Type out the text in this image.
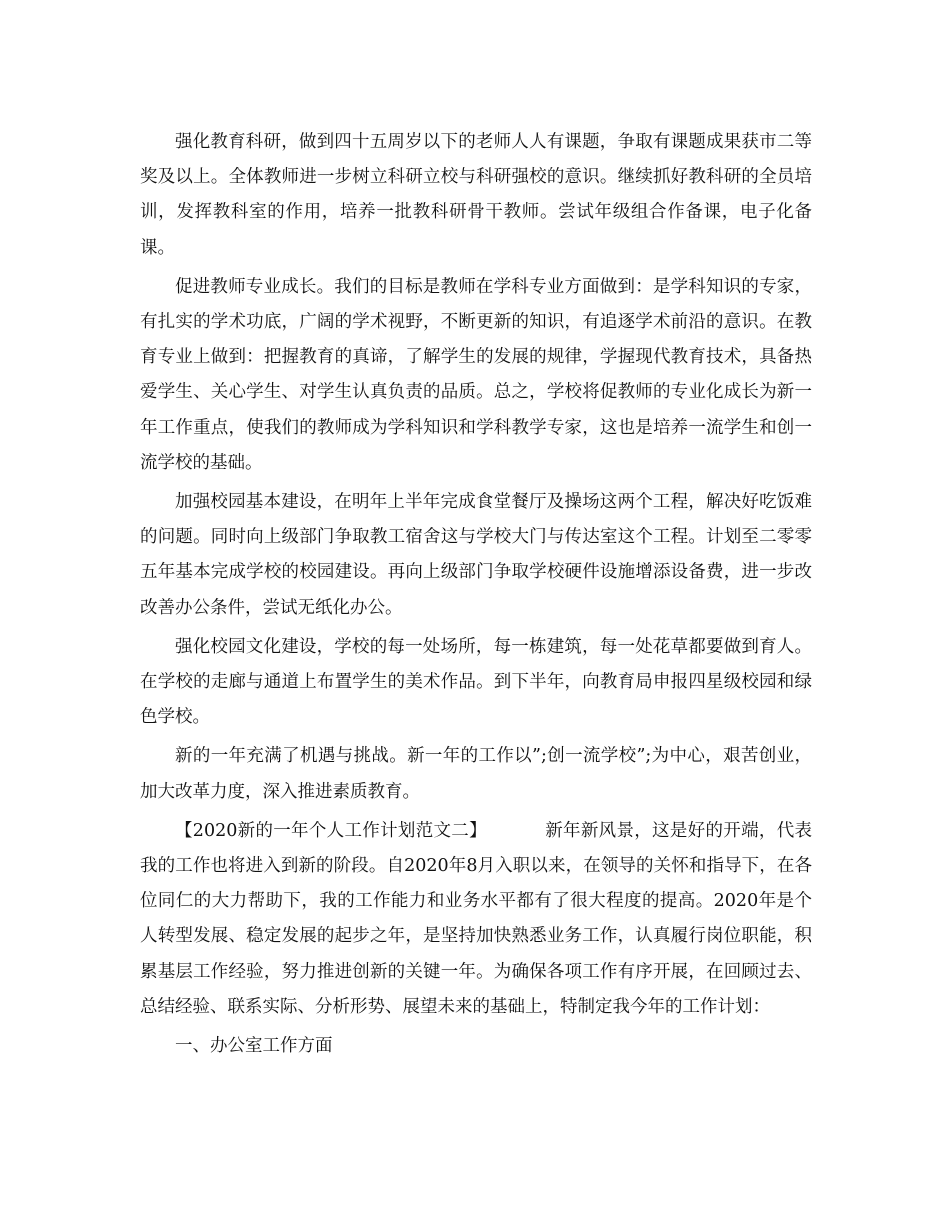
强化教育科研，做到四十五周岁以下的老师人人有课题，争取有课题成果获市二等奖及以上。全体教师进一步树立科研立校与科研强校的意识。继续抓好教科研的全员培训，发挥教科室的作用，培养一批教科研骨干教师。尝试年级组合作备课，电子化备课。

促进教师专业成长。我们的目标是教师在学科专业方面做到：是学科知识的专家，有扎实的学术功底，广阔的学术视野，不断更新的知识，有追逐学术前沿的意识。在教育专业上做到：把握教育的真谛，了解学生的发展的规律，学握现代教育技术，具备热爱学生、关心学生、对学生认真负责的品质。总之，学校将促教师的专业化成长为新一年工作重点，使我们的教师成为学科知识和学科教学专家，这也是培养一流学生和创一流学校的基础。

加强校园基本建设，在明年上半年完成食堂餐厅及操场这两个工程，解决好吃饭难的问题。同时向上级部门争取教工宿舍这与学校大门与传达室这个工程。计划至二零零五年基本完成学校的校园建设。再向上级部门争取学校硬件设施增添设备费，进一步改改善办公条件，尝试无纸化办公。

强化校园文化建设，学校的每一处场所，每一栋建筑，每一处花草都要做到育人。在学校的走廊与通道上布置学生的美术作品。到下半年，向教育局申报四星级校园和绿色学校。

新的一年充满了机遇与挑战。新一年的工作以”;创一流学校”;为中心，艰苦创业，加大改革力度，深入推进素质教育。

【2020新的一年个人工作计划范文二】	新年新风景，这是好的开端，代表我的工作也将进入到新的阶段。自2020年8月入职以来，在领导的关怀和指导下，在各位同仁的大力帮助下，我的工作能力和业务水平都有了很大程度的提高。2020年是个人转型发展、稳定发展的起步之年，是坚持加快熟悉业务工作，认真履行岗位职能，积累基层工作经验，努力推进创新的关键一年。为确保各项工作有序开展，在回顾过去、总结经验、联系实际、分析形势、展望未来的基础上，特制定我今年的工作计划：

一、办公室工作方面
